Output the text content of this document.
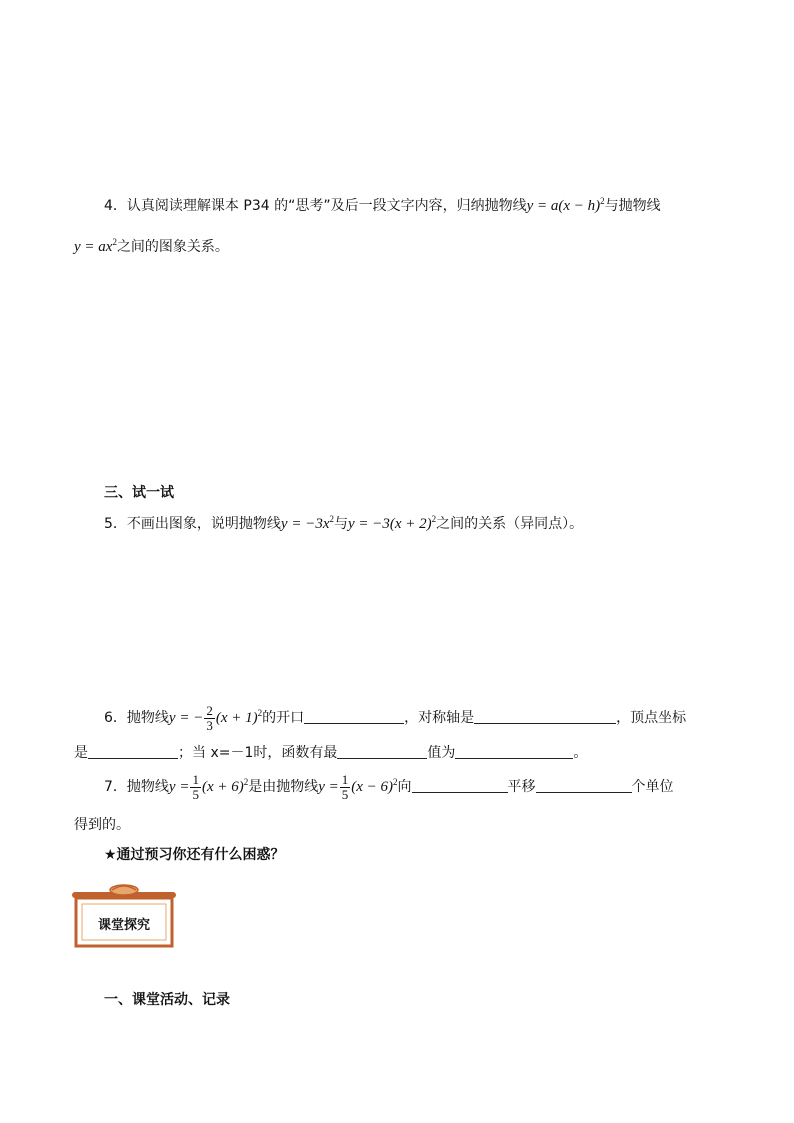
4．认真阅读理解课本 P34 的“思考”及后一段文字内容，归纳抛物线$y = a(x - h)^2$与抛物线
$y = ax^2$之间的图象关系。
三、试一试
5．不画出图象，说明抛物线$y = -3x^2$与$y = -3(x + 2)^2$之间的关系（异同点）。
6．抛物线y = − $\frac{2}{3} (x + 1)^2$的开口	，对称轴是	，顶点坐标
是	；当 x=－1时，函数有最	值为	。
7．抛物线$y = \frac{1}{5} (x + 6)^2$是由抛物线$y = \frac{1}{5} (x - 6)^2$向	平移	个单位
得到的。
★通过预习你还有什么困惑？
课堂探究
一、课堂活动、记录
